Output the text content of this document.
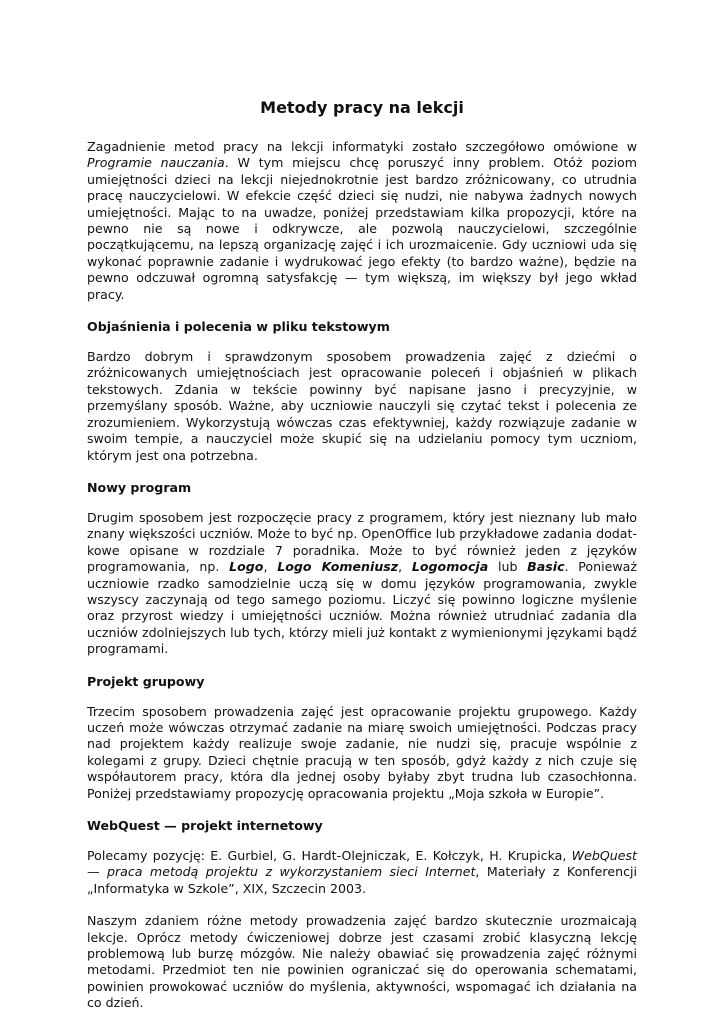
Metody pracy na lekcji

Zagadnienie metod pracy na lekcji informatyki zostało szczegółowo omówione w Programie nauczania. W tym miejscu chcę poruszyć inny problem. Otóż poziom umiejętności dzieci na lekcji niejednokrotnie jest bardzo zróżnicowany, co utrudnia pracę nauczycielowi. W efekcie część dzieci się nudzi, nie nabywa żadnych nowych umiejętności. Mając to na uwadze, poniżej przedstawiam kilka propozycji, które na pewno nie są nowe i odkrywcze, ale pozwolą nauczycielowi, szczególnie początkującemu, na lepszą organizację zajęć i ich urozmaicenie. Gdy uczniowi uda się wykonać poprawnie zadanie i wydrukować jego efekty (to bardzo ważne), będzie na pewno odczuwał ogromną satysfakcję — tym większą, im większy był jego wkład pracy.

Objaśnienia i polecenia w pliku tekstowym

Bardzo dobrym i sprawdzonym sposobem prowadzenia zajęć z dziećmi o zróżnicowanych umiejętnościach jest opracowanie poleceń i objaśnień w plikach tekstowych. Zdania w tekście powinny być napisane jasno i precyzyjnie, w przemyślany sposób. Ważne, aby uczniowie nauczyli się czytać tekst i polecenia ze zrozumieniem. Wykorzystują wówczas czas efektywniej, każdy rozwiązuje zadanie w swoim tempie, a nauczyciel może skupić się na udzielaniu pomocy tym uczniom, którym jest ona potrzebna.

Nowy program

Drugim sposobem jest rozpoczęcie pracy z programem, który jest nieznany lub mało znany większości uczniów. Może to być np. OpenOffice lub przykładowe zadania dodatkowe opisane w rozdziale 7 poradnika. Może to być również jeden z języków programowania, np. Logo, Logo Komeniusz, Logomocja lub Basic. Ponieważ uczniowie rzadko samodzielnie uczą się w domu języków programowania, zwykle wszyscy zaczynają od tego samego poziomu. Liczyć się powinno logiczne myślenie oraz przyrost wiedzy i umiejętności uczniów. Można również utrudniać zadania dla uczniów zdolniejszych lub tych, którzy mieli już kontakt z wymienionymi językami bądź programami.

Projekt grupowy

Trzecim sposobem prowadzenia zajęć jest opracowanie projektu grupowego. Każdy uczeń może wówczas otrzymać zadanie na miarę swoich umiejętności. Podczas pracy nad projektem każdy realizuje swoje zadanie, nie nudzi się, pracuje wspólnie z kolegami z grupy. Dzieci chętnie pracują w ten sposób, gdyż każdy z nich czuje się współautorem pracy, która dla jednej osoby byłaby zbyt trudna lub czasochłonna. Poniżej przedstawiamy propozycję opracowania projektu „Moja szkoła w Europie”.

WebQuest — projekt internetowy

Polecamy pozycję: E. Gurbiel, G. Hardt-Olejniczak, E. Kołczyk, H. Krupicka, WebQuest — praca metodą projektu z wykorzystaniem sieci Internet, Materiały z Konferencji „Informatyka w Szkole”, XIX, Szczecin 2003.

Naszym zdaniem różne metody prowadzenia zajęć bardzo skutecznie urozmaicają lekcje. Oprócz metody ćwiczeniowej dobrze jest czasami zrobić klasyczną lekcję problemową lub burzę mózgów. Nie należy obawiać się prowadzenia zajęć różnymi metodami. Przedmiot ten nie powinien ograniczać się do operowania schematami, powinien prowokować uczniów do myślenia, aktywności, wspomagać ich działania na co dzień.
